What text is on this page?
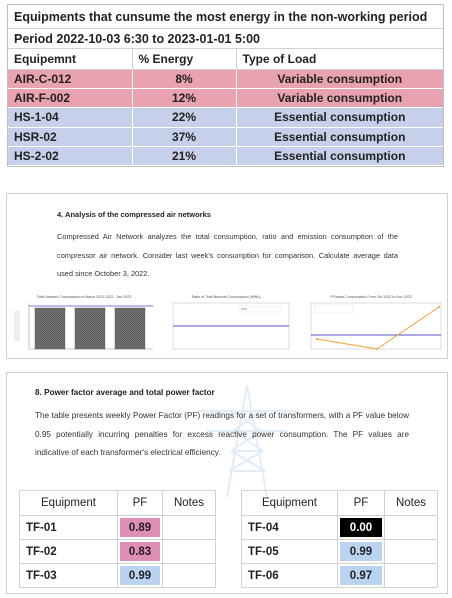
Equipments that cunsume the most energy in the non-working period
Period 2022-10-03 6:30 to 2023-01-01 5:00
Equipemnt	% Energy	Type of Load
AIR-C-012	8%	Variable consumption
AIR-F-002	12%	Variable consumption
HS-1-04	22%	Essential consumption
HSR-02	37%	Essential consumption
HS-2-02	21%	Essential consumption
4. Analysis of the compressed air networks
Compressed Air Network analyzes the total consumption, ratio and emission consumption of the compressor air network. Consider last week's consumption for comparison. Calculate average data used since October 3, 2022.
Total Network Consumption in March 2023 2022 - Jan 2023	Ratio of Total Network Consumption [MWh]	PF/week Consumption From Oct 2022 to Nov 2022
8. Power factor average and total power factor
The table presents weekly Power Factor (PF) readings for a set of transformers, with a PF value below 0.95 potentially incurring penalties for excess reactive power consumption. The PF values are indicative of each transformer's electrical efficiency.
Equipment	PF	Notes
TF-01	0.89	

TF-02	0.83	

TF-03	0.99	

Equipment	PF	Notes
TF-04	0.00	

TF-05	0.99	

TF-06	0.97	
